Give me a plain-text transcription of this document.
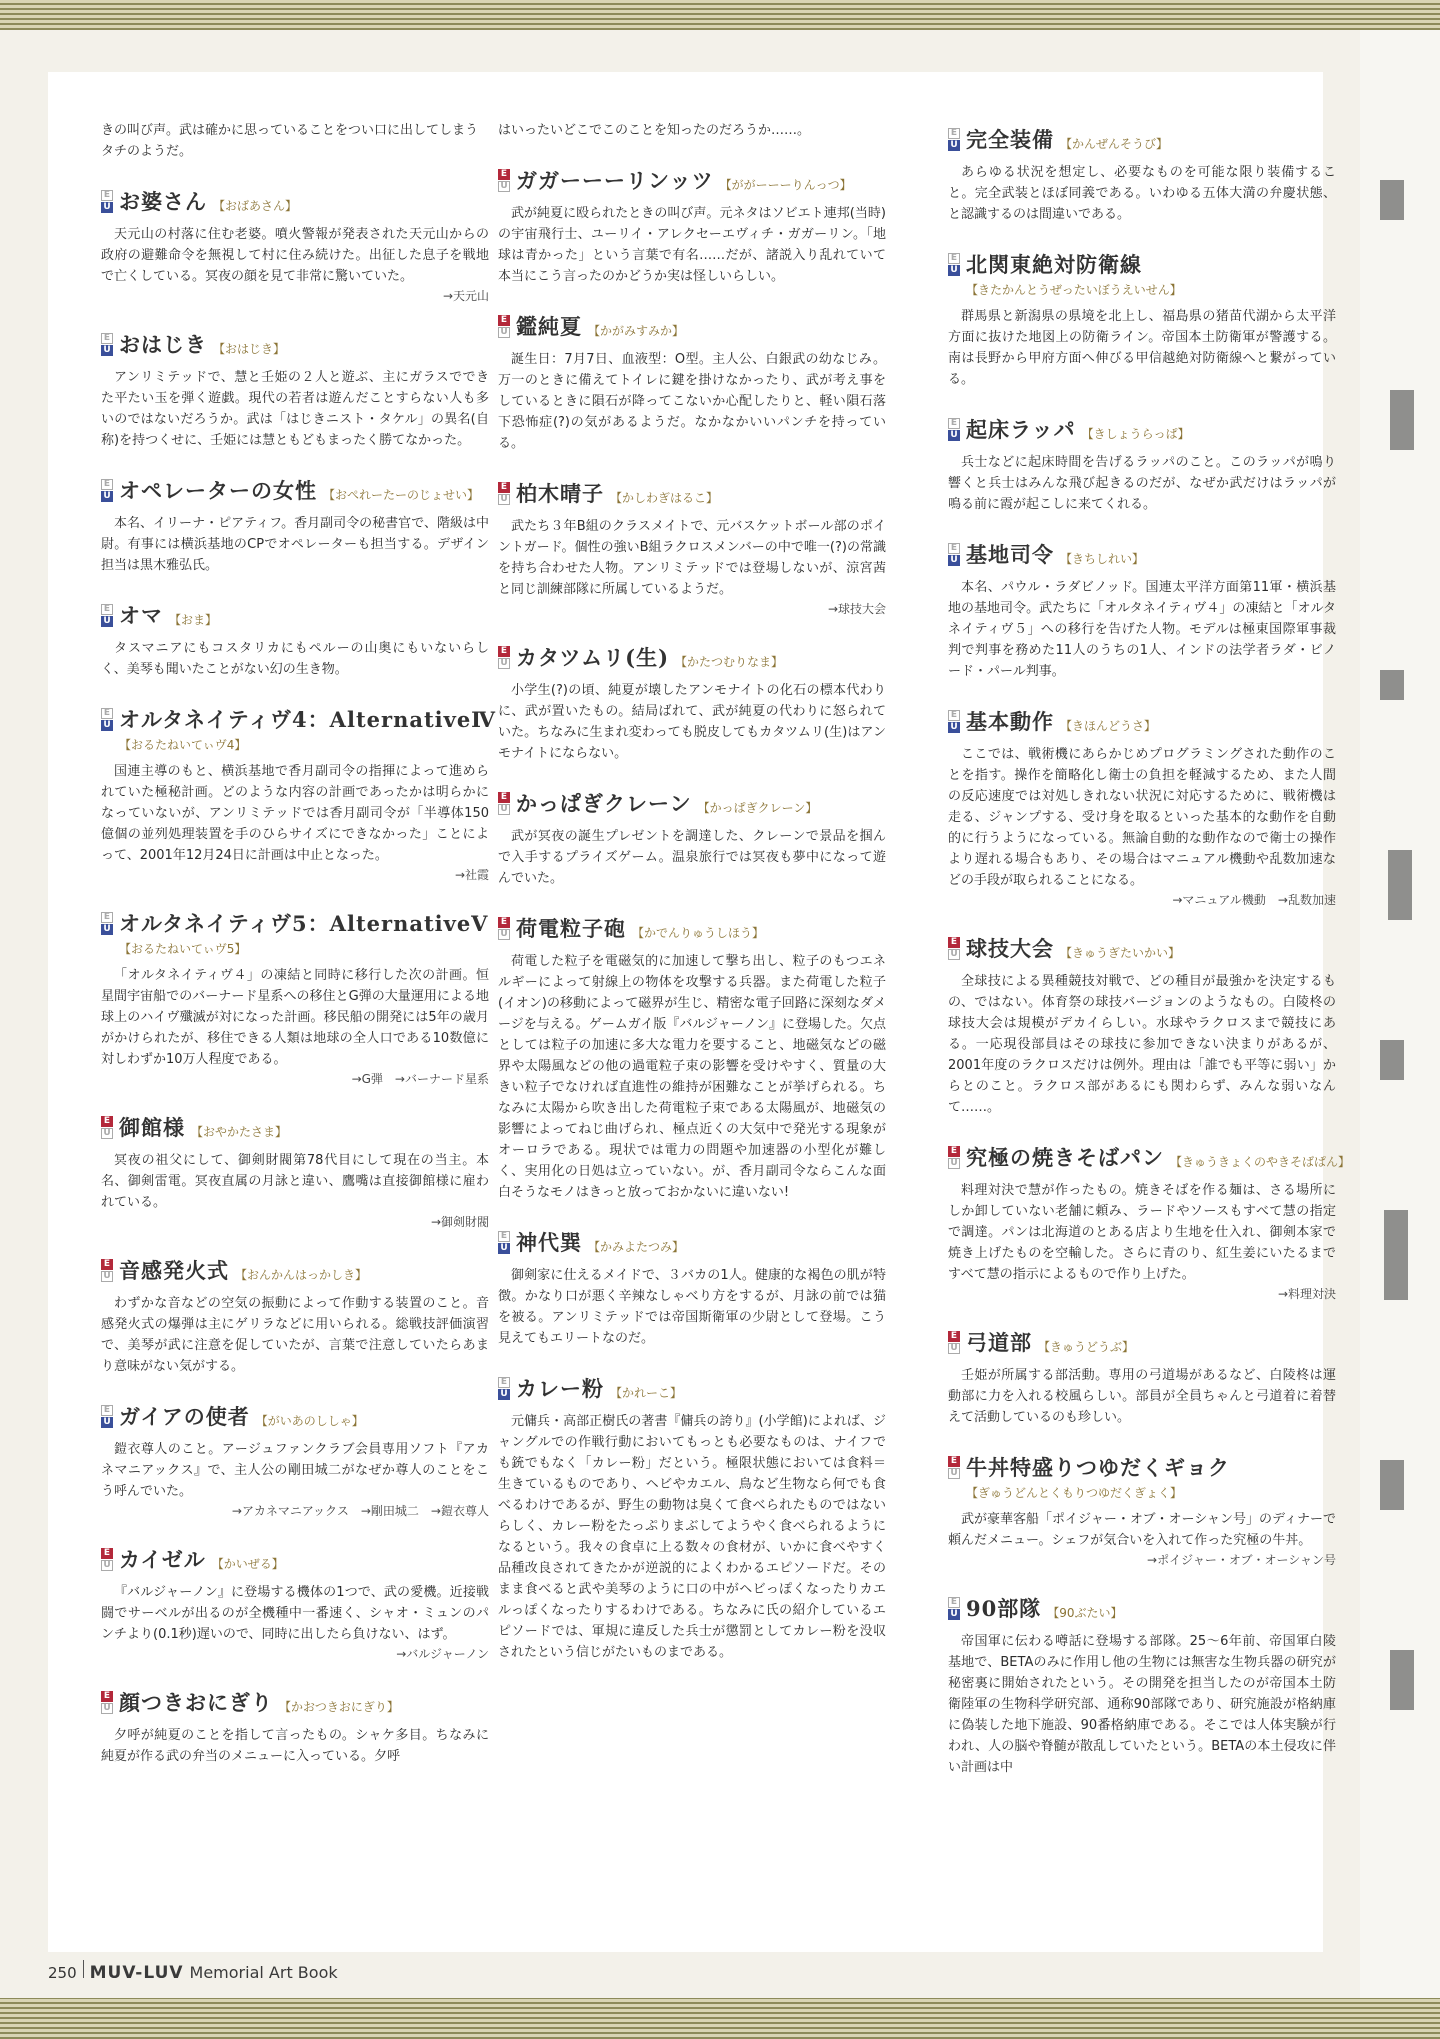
きの叫び声。武は確かに思っていることをつい口に出してしまうタチのようだ。

E
U お婆さん 【おばあさん】
天元山の村落に住む老婆。噴火警報が発表された天元山からの政府の避難命令を無視して村に住み続けた。出征した息子を戦地で亡くしている。冥夜の顔を見て非常に驚いていた。
→天元山
E
U おはじき 【おはじき】
アンリミテッドで、慧と壬姫の２人と遊ぶ、主にガラスでできた平たい玉を弾く遊戯。現代の若者は遊んだことすらない人も多いのではないだろうか。武は「はじきニスト・タケル」の異名(自称)を持つくせに、壬姫には慧ともどもまったく勝てなかった。
E
U オペレーターの女性 【おぺれーたーのじょせい】
本名、イリーナ・ピアティフ。香月副司令の秘書官で、階級は中尉。有事には横浜基地のCPでオペレーターも担当する。デザイン担当は黒木雅弘氏。
E
U オマ 【おま】
タスマニアにもコスタリカにもペルーの山奥にもいないらしく、美琴も聞いたことがない幻の生き物。
E
U オルタネイティヴ4：AlternativeⅣ
【おるたねいてぃヴ4】
国連主導のもと、横浜基地で香月副司令の指揮によって進められていた極秘計画。どのような内容の計画であったかは明らかになっていないが、アンリミテッドでは香月副司令が「半導体150億個の並列処理装置を手のひらサイズにできなかった」ことによって、2001年12月24日に計画は中止となった。
→社霞
E
U オルタネイティヴ5：AlternativeⅤ
【おるたねいてぃヴ5】
「オルタネイティヴ４」の凍結と同時に移行した次の計画。恒星間宇宙船でのバーナード星系への移住とG弾の大量運用による地球上のハイヴ殲滅が対になった計画。移民船の開発には5年の歳月がかけられたが、移住できる人類は地球の全人口である10数億に対しわずか10万人程度である。
→G弾　→バーナード星系
E
U 御館様 【おやかたさま】
冥夜の祖父にして、御剣財閥第78代目にして現在の当主。本名、御剣雷電。冥夜直属の月詠と違い、鷹嘴は直接御館様に雇われている。
→御剣財閥
E
U 音感発火式 【おんかんはっかしき】
わずかな音などの空気の振動によって作動する装置のこと。音感発火式の爆弾は主にゲリラなどに用いられる。総戦技評価演習で、美琴が武に注意を促していたが、言葉で注意していたらあまり意味がない気がする。
E
U ガイアの使者 【がいあのししゃ】
鎧衣尊人のこと。アージュファンクラブ会員専用ソフト『アカネマニアックス』で、主人公の剛田城二がなぜか尊人のことをこう呼んでいた。
→アカネマニアックス　→剛田城二　→鎧衣尊人
E
U カイゼル 【かいぜる】
『バルジャーノン』に登場する機体の1つで、武の愛機。近接戦闘でサーベルが出るのが全機種中一番速く、シャオ・ミュンのパンチより(0.1秒)遅いので、同時に出したら負けない、はず。
→バルジャーノン
E
U 顔つきおにぎり 【かおつきおにぎり】
夕呼が純夏のことを指して言ったもの。シャケ多目。ちなみに純夏が作る武の弁当のメニューに入っている。夕呼

はいったいどこでこのことを知ったのだろうか……。

E
U ガガーーーリンッツ 【ががーーーりんっつ】
武が純夏に殴られたときの叫び声。元ネタはソビエト連邦(当時)の宇宙飛行士、ユーリイ・アレクセーエヴィチ・ガガーリン。「地球は青かった」という言葉で有名……だが、諸説入り乱れていて本当にこう言ったのかどうか実は怪しいらしい。
E
U 鑑純夏 【かがみすみか】
誕生日：7月7日、血液型：O型。主人公、白銀武の幼なじみ。万一のときに備えてトイレに鍵を掛けなかったり、武が考え事をしているときに隕石が降ってこないか心配したりと、軽い隕石落下恐怖症(?)の気があるようだ。なかなかいいパンチを持っている。
E
U 柏木晴子 【かしわぎはるこ】
武たち３年B組のクラスメイトで、元バスケットボール部のポイントガード。個性の強いB組ラクロスメンバーの中で唯一(?)の常識を持ち合わせた人物。アンリミテッドでは登場しないが、涼宮茜と同じ訓練部隊に所属しているようだ。
→球技大会
E
U カタツムリ(生) 【かたつむりなま】
小学生(?)の頃、純夏が壊したアンモナイトの化石の標本代わりに、武が置いたもの。結局ばれて、武が純夏の代わりに怒られていた。ちなみに生まれ変わっても脱皮してもカタツムリ(生)はアンモナイトにならない。
E
U かっぱぎクレーン 【かっぱぎクレーン】
武が冥夜の誕生プレゼントを調達した、クレーンで景品を掴んで入手するプライズゲーム。温泉旅行では冥夜も夢中になって遊んでいた。
E
U 荷電粒子砲 【かでんりゅうしほう】
荷電した粒子を電磁気的に加速して撃ち出し、粒子のもつエネルギーによって射線上の物体を攻撃する兵器。また荷電した粒子(イオン)の移動によって磁界が生じ、精密な電子回路に深刻なダメージを与える。ゲームガイ版『バルジャーノン』に登場した。欠点としては粒子の加速に多大な電力を要すること、地磁気などの磁界や太陽風などの他の過電粒子束の影響を受けやすく、質量の大きい粒子でなければ直進性の維持が困難なことが挙げられる。ちなみに太陽から吹き出した荷電粒子束である太陽風が、地磁気の影響によってねじ曲げられ、極点近くの大気中で発光する現象がオーロラである。現状では電力の問題や加速器の小型化が難しく、実用化の日処は立っていない。が、香月副司令ならこんな面白そうなモノはきっと放っておかないに違いない!
E
U 神代巽 【かみよたつみ】
御剣家に仕えるメイドで、３バカの1人。健康的な褐色の肌が特徴。かなり口が悪く辛辣なしゃべり方をするが、月詠の前では猫を被る。アンリミテッドでは帝国斯衛軍の少尉として登場。こう見えてもエリートなのだ。
E
U カレー粉 【かれーこ】
元傭兵・高部正樹氏の著書『傭兵の誇り』(小学館)によれば、ジャングルでの作戦行動においてもっとも必要なものは、ナイフでも銃でもなく「カレー粉」だという。極限状態においては食料＝生きているものであり、ヘビやカエル、鳥など生物なら何でも食べるわけであるが、野生の動物は臭くて食べられたものではないらしく、カレー粉をたっぷりまぶしてようやく食べられるようになるという。我々の食卓に上る数々の食材が、いかに食べやすく品種改良されてきたかが逆説的によくわかるエピソードだ。そのまま食べると武や美琴のように口の中がヘビっぽくなったりカエルっぽくなったりするわけである。ちなみに氏の紹介しているエピソードでは、軍規に違反した兵士が懲罰としてカレー粉を没収されたという信じがたいものまである。
E
U 完全装備 【かんぜんそうび】
あらゆる状況を想定し、必要なものを可能な限り装備すること。完全武装とほぼ同義である。いわゆる五体大満の弁慶状態、と認識するのは間違いである。
E
U 北関東絶対防衛線
【きたかんとうぜったいぼうえいせん】
群馬県と新潟県の県境を北上し、福島県の猪苗代湖から太平洋方面に抜けた地図上の防衛ライン。帝国本土防衛軍が警護する。南は長野から甲府方面へ伸びる甲信越絶対防衛線へと繋がっている。
E
U 起床ラッパ 【きしょうらっぱ】
兵士などに起床時間を告げるラッパのこと。このラッパが鳴り響くと兵士はみんな飛び起きるのだが、なぜか武だけはラッパが鳴る前に霞が起こしに来てくれる。
E
U 基地司令 【きちしれい】
本名、パウル・ラダビノッド。国連太平洋方面第11軍・横浜基地の基地司令。武たちに「オルタネイティヴ４」の凍結と「オルタネイティヴ５」への移行を告げた人物。モデルは極東国際軍事裁判で判事を務めた11人のうちの1人、インドの法学者ラダ・ビノード・パール判事。
E
U 基本動作 【きほんどうさ】
ここでは、戦術機にあらかじめプログラミングされた動作のことを指す。操作を簡略化し衛士の負担を軽減するため、また人間の反応速度では対処しきれない状況に対応するために、戦術機は走る、ジャンプする、受け身を取るといった基本的な動作を自動的に行うようになっている。無論自動的な動作なので衛士の操作より遅れる場合もあり、その場合はマニュアル機動や乱数加速などの手段が取られることになる。
→マニュアル機動　→乱数加速
E
U 球技大会 【きゅうぎたいかい】
全球技による異種競技対戦で、どの種目が最強かを決定するもの、ではない。体育祭の球技バージョンのようなもの。白陵柊の球技大会は規模がデカイらしい。水球やラクロスまで競技にある。一応現役部員はその球技に参加できない決まりがあるが、2001年度のラクロスだけは例外。理由は「誰でも平等に弱い」からとのこと。ラクロス部があるにも関わらず、みんな弱いなんて……。
E
U 究極の焼きそばパン 【きゅうきょくのやきそばぱん】
料理対決で慧が作ったもの。焼きそばを作る麺は、さる場所にしか卸していない老舗に頼み、ラードやソースもすべて慧の指定で調達。パンは北海道のとある店より生地を仕入れ、御剣本家で焼き上げたものを空輸した。さらに青のり、紅生姜にいたるまですべて慧の指示によるもので作り上げた。
→料理対決
E
U 弓道部 【きゅうどうぶ】
壬姫が所属する部活動。専用の弓道場があるなど、白陵柊は運動部に力を入れる校風らしい。部員が全員ちゃんと弓道着に着替えて活動しているのも珍しい。
E
U 牛丼特盛りつゆだくギョク
【ぎゅうどんとくもりつゆだくぎょく】
武が豪華客船「ポイジャー・オブ・オーシャン号」のディナーで頼んだメニュー。シェフが気合いを入れて作った究極の牛丼。
→ポイジャー・オブ・オーシャン号
E
U 90部隊 【90ぶたい】
帝国軍に伝わる噂話に登場する部隊。25〜6年前、帝国軍白陵基地で、BETAのみに作用し他の生物には無害な生物兵器の研究が秘密裏に開始されたという。その開発を担当したのが帝国本土防衛陸軍の生物科学研究部、通称90部隊であり、研究施設が格納庫に偽装した地下施設、90番格納庫である。そこでは人体実験が行われ、人の脳や脊髄が散乱していたという。BETAの本土侵攻に伴い計画は中
250 MUV-LUV Memorial Art Book
